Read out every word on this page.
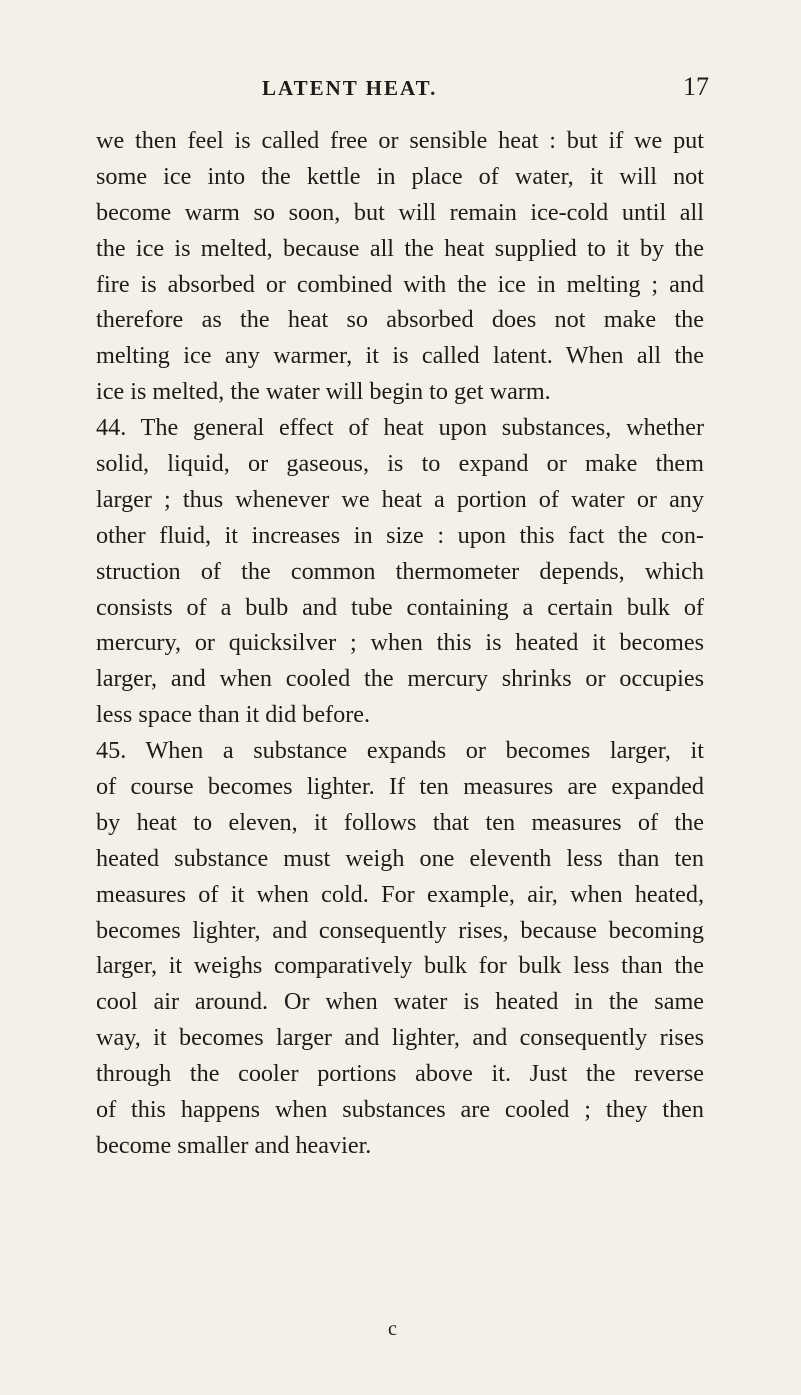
LATENT HEAT.	17
we then feel is called free or sensible heat : but if we put
some ice into the kettle in place of water, it will not
become warm so soon, but will remain ice-cold until all
the ice is melted, because all the heat supplied to it by the
fire is absorbed or combined with the ice in melting ; and
therefore as the heat so absorbed does not make the
melting ice any warmer, it is called latent. When all the
ice is melted, the water will begin to get warm.
44. The general effect of heat upon substances, whether
solid, liquid, or gaseous, is to expand or make them
larger ; thus whenever we heat a portion of water or any
other fluid, it increases in size : upon this fact the con-
struction of the common thermometer depends, which
consists of a bulb and tube containing a certain bulk of
mercury, or quicksilver ; when this is heated it becomes
larger, and when cooled the mercury shrinks or occupies
less space than it did before.
45. When a substance expands or becomes larger, it
of course becomes lighter. If ten measures are expanded
by heat to eleven, it follows that ten measures of the
heated substance must weigh one eleventh less than ten
measures of it when cold. For example, air, when heated,
becomes lighter, and consequently rises, because becoming
larger, it weighs comparatively bulk for bulk less than the
cool air around. Or when water is heated in the same
way, it becomes larger and lighter, and consequently rises
through the cooler portions above it. Just the reverse
of this happens when substances are cooled ; they then
become smaller and heavier.
c
